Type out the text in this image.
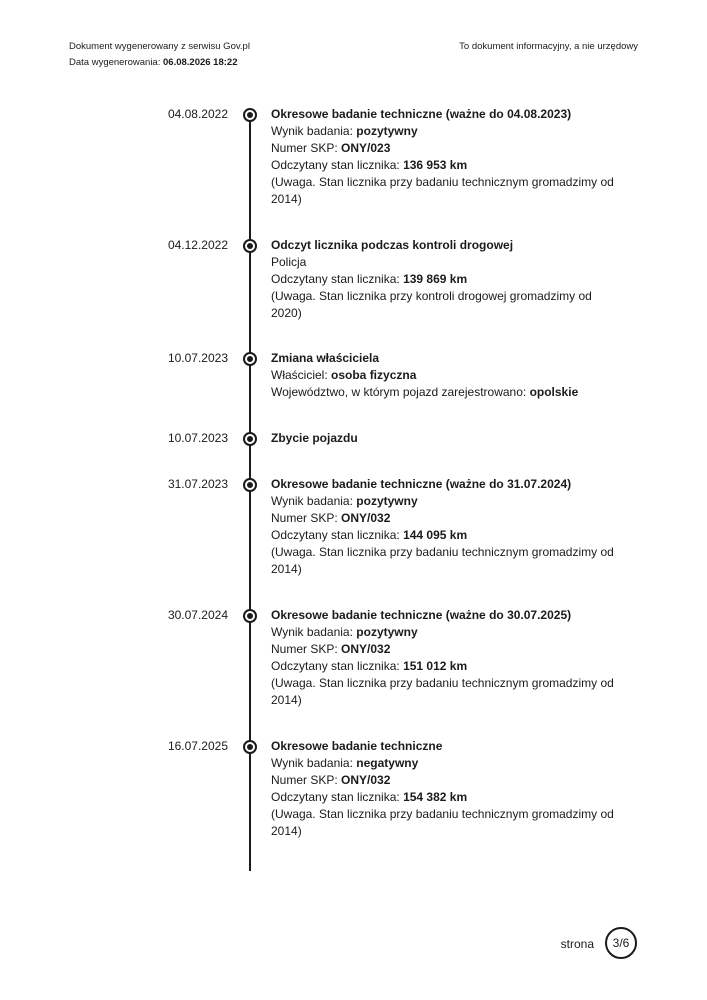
Dokument wygenerowany z serwisu Gov.pl
Data wygenerowania: 06.08.2026 18:22
To dokument informacyjny, a nie urzędowy
04.08.2022	Okresowe badanie techniczne (ważne do 04.08.2023)
Wynik badania: pozytywny
Numer SKP: ONY/023
Odczytany stan licznika: 136 953 km
(Uwaga. Stan licznika przy badaniu technicznym gromadzimy od 2014)
04.12.2022	Odczyt licznika podczas kontroli drogowej
Policja
Odczytany stan licznika: 139 869 km
(Uwaga. Stan licznika przy kontroli drogowej gromadzimy od 2020)
10.07.2023	Zmiana właściciela
Właściciel: osoba fizyczna
Województwo, w którym pojazd zarejestrowano: opolskie
10.07.2023	Zbycie pojazdu
31.07.2023	Okresowe badanie techniczne (ważne do 31.07.2024)
Wynik badania: pozytywny
Numer SKP: ONY/032
Odczytany stan licznika: 144 095 km
(Uwaga. Stan licznika przy badaniu technicznym gromadzimy od 2014)
30.07.2024	Okresowe badanie techniczne (ważne do 30.07.2025)
Wynik badania: pozytywny
Numer SKP: ONY/032
Odczytany stan licznika: 151 012 km
(Uwaga. Stan licznika przy badaniu technicznym gromadzimy od 2014)
16.07.2025	Okresowe badanie techniczne
Wynik badania: negatywny
Numer SKP: ONY/032
Odczytany stan licznika: 154 382 km
(Uwaga. Stan licznika przy badaniu technicznym gromadzimy od 2014)
strona	3/6
